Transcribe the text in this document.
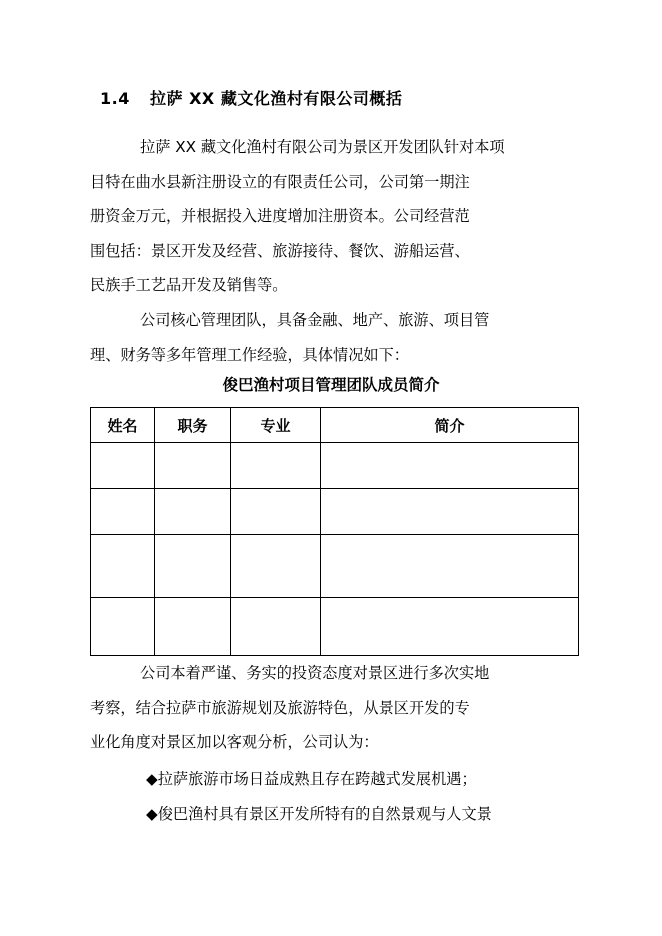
1.4 拉萨 XX 藏文化渔村有限公司概括

拉萨 XX 藏文化渔村有限公司为景区开发团队针对本项

目特在曲水县新注册设立的有限责任公司，公司第一期注

册资金万元，并根据投入进度增加注册资本。公司经营范

围包括：景区开发及经营、旅游接待、餐饮、游船运营、

民族手工艺品开发及销售等。

公司核心管理团队，具备金融、地产、旅游、项目管

理、财务等多年管理工作经验，具体情况如下：

俊巴渔村项目管理团队成员简介
姓名	职务	专业	简介

公司本着严谨、务实的投资态度对景区进行多次实地

考察，结合拉萨市旅游规划及旅游特色，从景区开发的专

业化角度对景区加以客观分析，公司认为：

◆拉萨旅游市场日益成熟且存在跨越式发展机遇；

◆俊巴渔村具有景区开发所特有的自然景观与人文景
